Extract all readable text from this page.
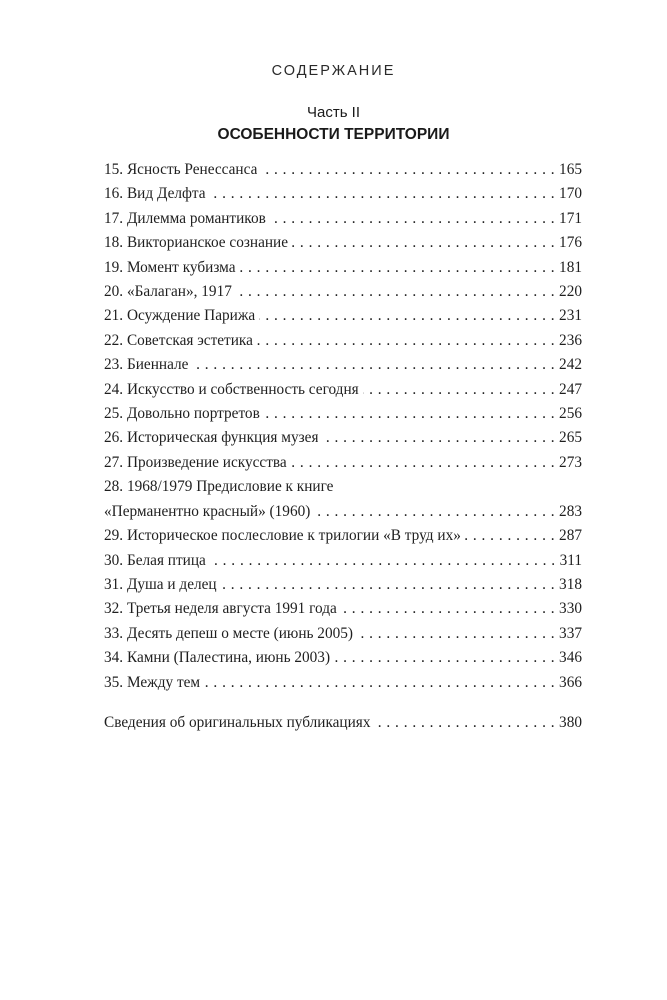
СОДЕРЖАНИЕ
Часть II
ОСОБЕННОСТИ ТЕРРИТОРИИ
15. Ясность Ренессанса . . .	165
16. Вид Делфта . . .	170
17. Дилемма романтиков . . .	171
18. Викторианское сознание . . .	176
19. Момент кубизма . . .	181
20. «Балаган», 1917 . . .	220
21. Осуждение Парижа . . .	231
22. Советская эстетика . . .	236
23. Биеннале . . .	242
24. Искусство и собственность сегодня . . .	247
25. Довольно портретов . . .	256
26. Историческая функция музея . . .	265
27. Произведение искусства . . .	273
28. 1968/1979 Предисловие к книге
«Перманентно красный» (1960) . . .	283
29. Историческое послесловие к трилогии «В труд их» . . .	287
30. Белая птица . . .	311
31. Душа и делец . . .	318
32. Третья неделя августа 1991 года . . .	330
33. Десять депеш о месте (июнь 2005) . . .	337
34. Камни (Палестина, июнь 2003) . . .	346
35. Между тем . . .	366
Сведения об оригинальных публикациях . . .	380
